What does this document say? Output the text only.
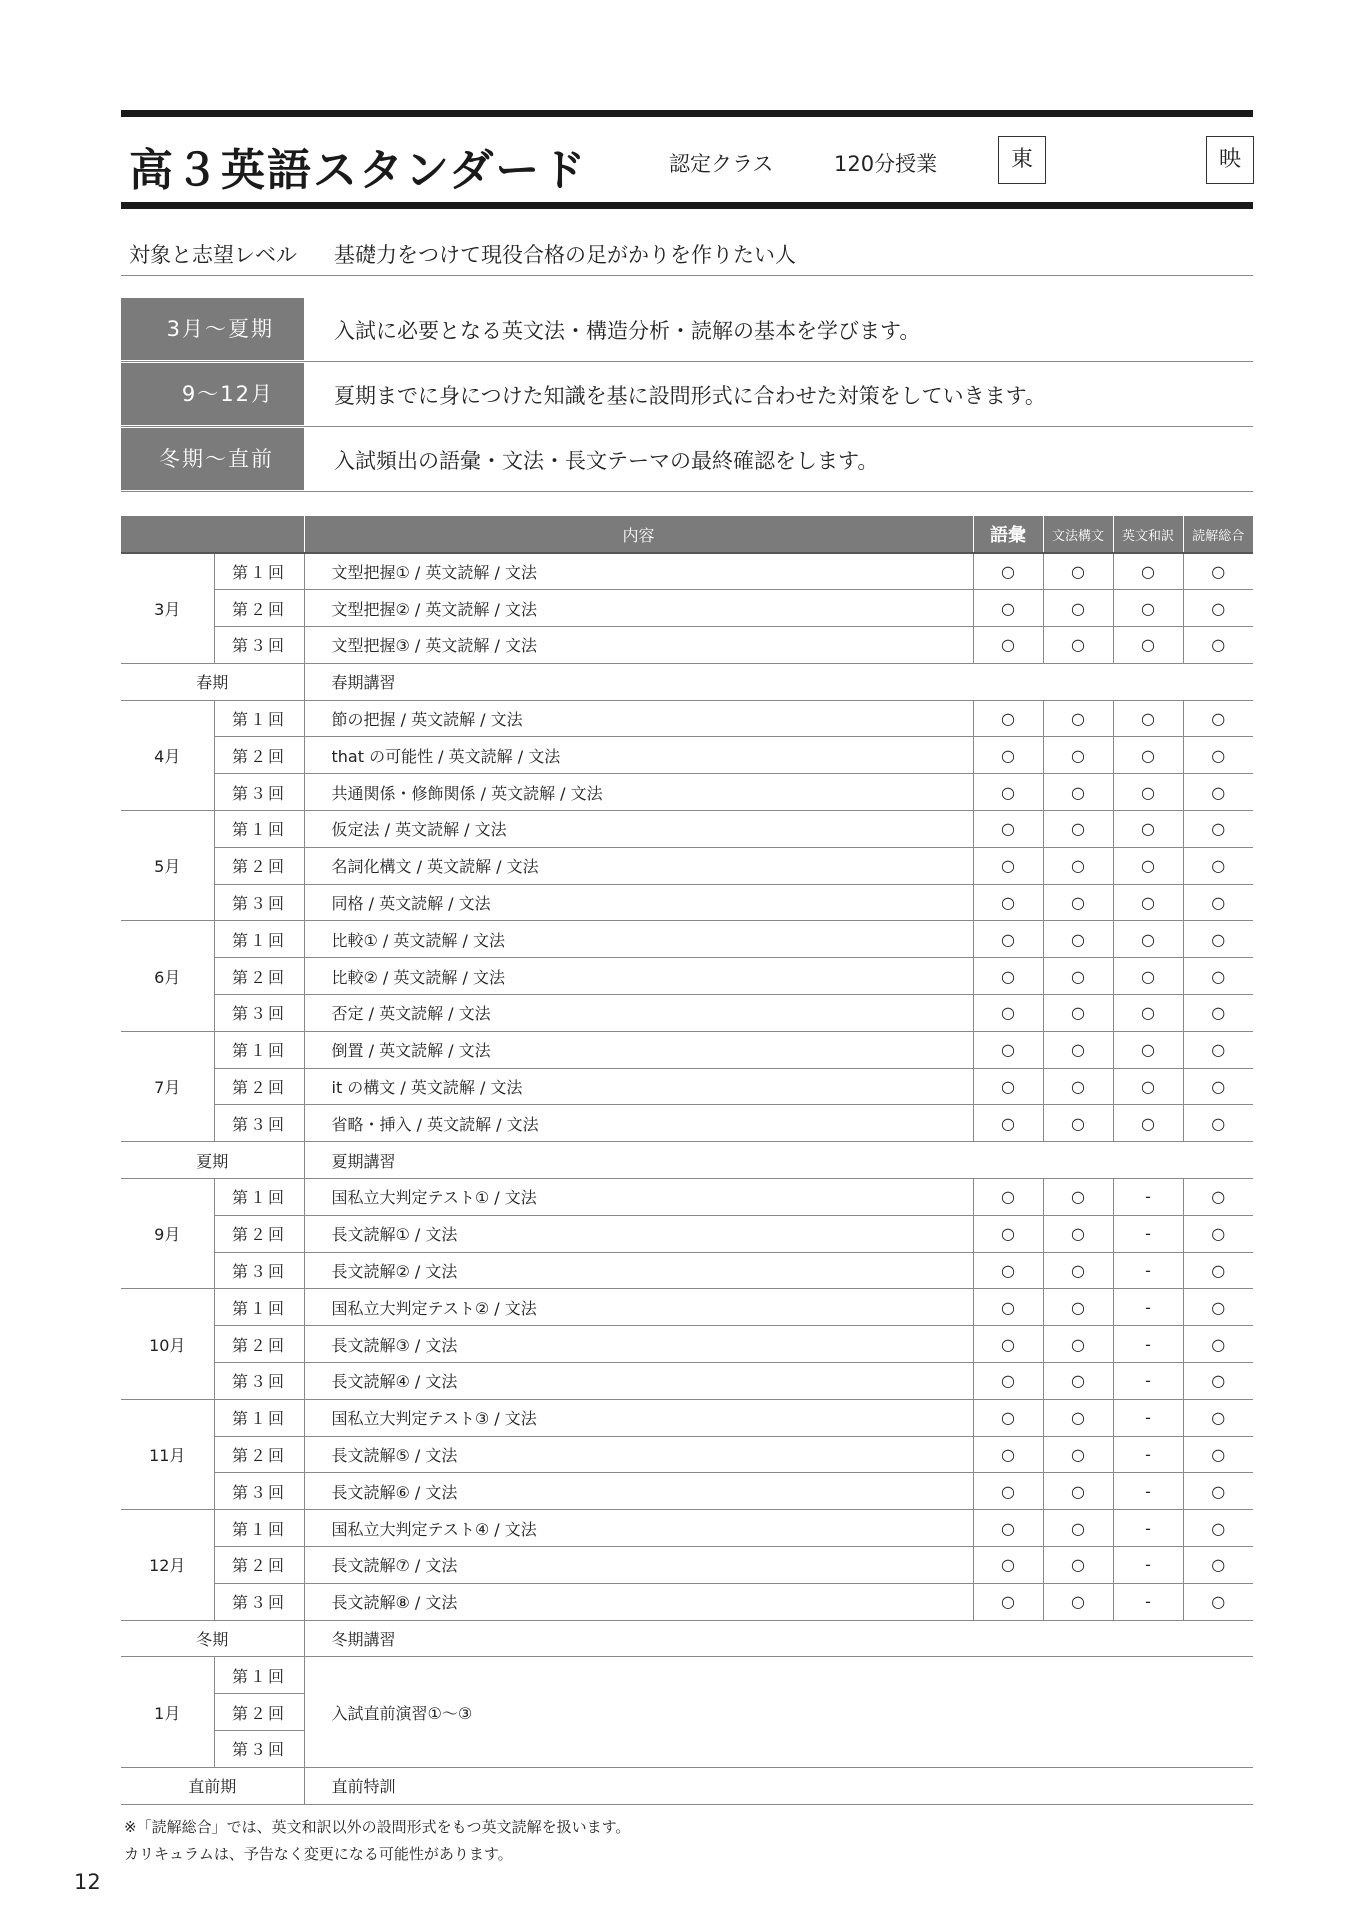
高３英語スタンダード	認定クラス	120分授業	東	映
対象と志望レベル 基礎力をつけて現役合格の足がかりを作りたい人
3月～夏期	入試に必要となる英文法・構造分析・読解の基本を学びます。
9～12月	夏期までに身につけた知識を基に設問形式に合わせた対策をしていきます。
冬期～直前	入試頻出の語彙・文法・長文テーマの最終確認をします。
		内容	語彙	文法構文	英文和訳	読解総合
3月	第１回	文型把握① / 英文読解 / 文法	○	○	○	○
	第２回	文型把握② / 英文読解 / 文法	○	○	○	○
	第３回	文型把握③ / 英文読解 / 文法	○	○	○	○
春期		春期講習				
4月	第１回	節の把握 / 英文読解 / 文法	○	○	○	○
	第２回	that の可能性 / 英文読解 / 文法	○	○	○	○
	第３回	共通関係・修飾関係 / 英文読解 / 文法	○	○	○	○
5月	第１回	仮定法 / 英文読解 / 文法	○	○	○	○
	第２回	名詞化構文 / 英文読解 / 文法	○	○	○	○
	第３回	同格 / 英文読解 / 文法	○	○	○	○
6月	第１回	比較① / 英文読解 / 文法	○	○	○	○
	第２回	比較② / 英文読解 / 文法	○	○	○	○
	第３回	否定 / 英文読解 / 文法	○	○	○	○
7月	第１回	倒置 / 英文読解 / 文法	○	○	○	○
	第２回	it の構文 / 英文読解 / 文法	○	○	○	○
	第３回	省略・挿入 / 英文読解 / 文法	○	○	○	○
夏期		夏期講習				
9月	第１回	国私立大判定テスト① / 文法	○	○	-	○
	第２回	長文読解① / 文法	○	○	-	○
	第３回	長文読解② / 文法	○	○	-	○
10月	第１回	国私立大判定テスト② / 文法	○	○	-	○
	第２回	長文読解③ / 文法	○	○	-	○
	第３回	長文読解④ / 文法	○	○	-	○
11月	第１回	国私立大判定テスト③ / 文法	○	○	-	○
	第２回	長文読解⑤ / 文法	○	○	-	○
	第３回	長文読解⑥ / 文法	○	○	-	○
12月	第１回	国私立大判定テスト④ / 文法	○	○	-	○
	第２回	長文読解⑦ / 文法	○	○	-	○
	第３回	長文読解⑧ / 文法	○	○	-	○
冬期		冬期講習				
1月	第１回	入試直前演習①～③				
	第２回					
	第３回					
直前期		直前特訓				
※「読解総合」では、英文和訳以外の設問形式をもつ英文読解を扱います。
カリキュラムは、予告なく変更になる可能性があります。
12
